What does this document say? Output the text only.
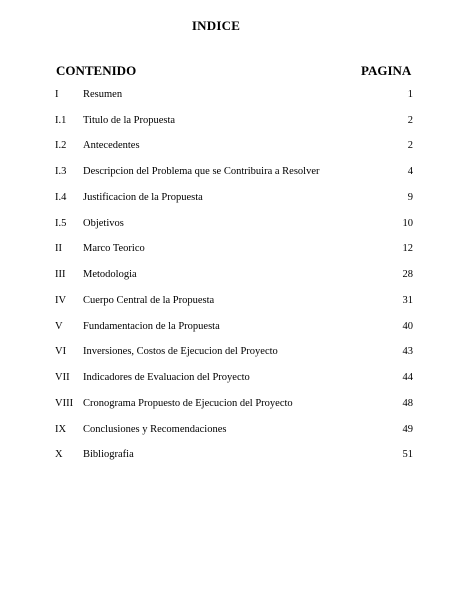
INDICE
CONTENIDO	PAGINA
I Resumen	1
I.1 Titulo de la Propuesta	2
I.2 Antecedentes	2
I.3 Descripcion del Problema que se Contribuira a Resolver	4
I.4 Justificacion de la Propuesta	9
I.5 Objetivos	10
II Marco Teorico	12
III Metodologia	28
IV Cuerpo Central de la Propuesta	31
V Fundamentacion de la Propuesta	40
VI Inversiones, Costos de Ejecucion del Proyecto	43
VII Indicadores de Evaluacion del Proyecto	44
VIII Cronograma Propuesto de Ejecucion del Proyecto	48
IX Conclusiones y Recomendaciones	49
X Bibliografia	51
